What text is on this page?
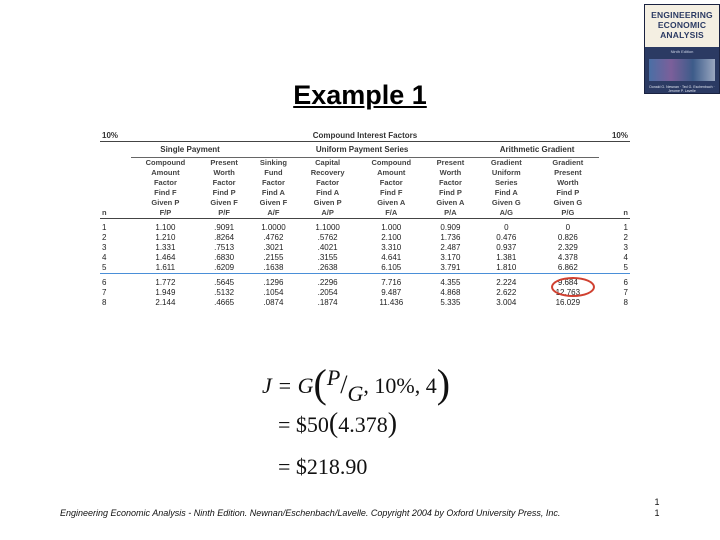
Example 1
ENGINEERING
ECONOMIC
ANALYSIS
Ninth Edition
Donald G. Newnan · Ted G. Eschenbach · Jerome P. Lavelle
10%	Compound Interest Factors								10%
	Single Payment		Uniform Payment Series				Arithmetic Gradient		
	Compound	Present	Sinking	Capital	Compound	Present	Gradient	Gradient	
	Amount	Worth	Fund	Recovery	Amount	Worth	Uniform	Present	
	Factor	Factor	Factor	Factor	Factor	Factor	Series	Worth	
	Find F	Find P	Find A	Find A	Find F	Find P	Find A	Find P	
	Given P	Given F	Given F	Given P	Given A	Given A	Given G	Given G	
n	F/P	P/F	A/F	A/P	F/A	P/A	A/G	P/G	n
1	1.100	.9091	1.0000	1.1000	1.000	0.909	0	0	1
2	1.210	.8264	.4762	.5762	2.100	1.736	0.476	0.826	2
3	1.331	.7513	.3021	.4021	3.310	2.487	0.937	2.329	3
4	1.464	.6830	.2155	.3155	4.641	3.170	1.381	4.378	4
5	1.611	.6209	.1638	.2638	6.105	3.791	1.810	6.862	5
6	1.772	.5645	.1296	.2296	7.716	4.355	2.224	9.684	6
7	1.949	.5132	.1054	.2054	9.487	4.868	2.622	12.763	7
8	2.144	.4665	.0874	.1874	11.436	5.335	3.004	16.029	8
J = G(P/G, 10%, 4)
= $50(4.378)
= $218.90
Engineering Economic Analysis - Ninth Edition. Newnan/Eschenbach/Lavelle. Copyright 2004 by Oxford University Press, Inc.
1
1
